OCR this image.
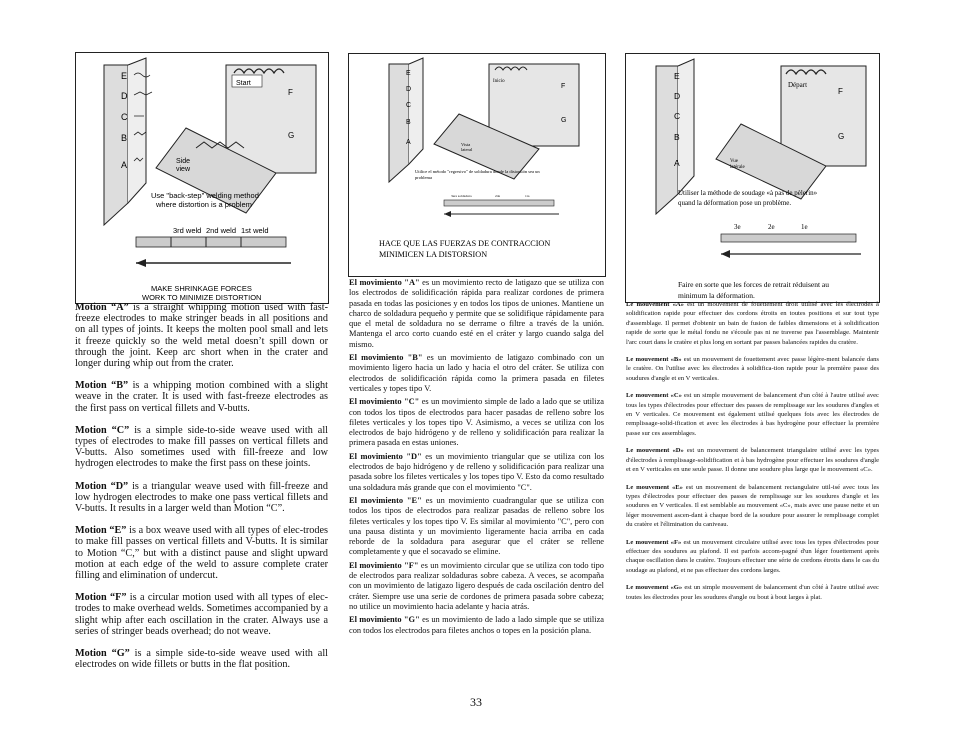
E
D
C
B
A
Start
F
G
Side
view
Use "back-step" welding method
where distortion is a problem
3rd weld 2nd weld 1st weld
MAKE SHRINKAGE FORCES
WORK TO MINIMIZE DISTORTION
E
D
C
B
A
Inicio
F
G
Vista
lateral
Utilice el método "regresivo" de soldadura donde la distorsión sea un
problema
3era soldadura	2da	1ra
HACE QUE LAS FUERZAS DE CONTRACCION
MINIMICEN LA DISTORSION
E
D
C
B
A
Départ
F
G
Vue
latérale
Utiliser la méthode de soudage «à pas de pèlerin»
quand la déformation pose un problème.
3e	2e	1e
Faire en sorte que les forces de retrait réduisent au
minimum la déformation.

Motion “A” is a straight whipping motion used with fast-freeze electrodes to make stringer beads in all positions and on all types of joints. It keeps the molten pool small and lets it freeze quickly so the weld metal doesn’t spill down or through the joint. Keep arc short when in the crater and longer during whip out from the crater.

Motion “B” is a whipping motion combined with a slight weave in the crater. It is used with fast-freeze electrodes as the first pass on vertical fillets and V-butts.

Motion “C” is a simple side-to-side weave used with all types of electrodes to make fill passes on vertical fillets and V-butts. Also sometimes used with fill-freeze and low hydrogen electrodes to make the first pass on these joints.

Motion “D” is a triangular weave used with fill-freeze and low hydrogen electrodes to make one pass vertical fillets and V-butts. It results in a larger weld than Motion “C”.

Motion “E” is a box weave used with all types of elec-trodes to make fill passes on vertical fillets and V-butts. It is similar to Motion “C,” but with a distinct pause and slight upward motion at each edge of the weld to assure complete crater filling and elimination of undercut.

Motion “F” is a circular motion used with all types of elec-trodes to make overhead welds. Sometimes accompanied by a slight whip after each oscillation in the crater. Always use a series of stringer beads overhead; do not weave.

Motion “G” is a simple side-to-side weave used with all electrodes on wide fillets or butts in the flat position.

El movimiento "A" es un movimiento recto de latigazo que se utiliza con los electrodos de solidificación rápida para realizar cordones de primera pasada en todas las posiciones y en todos los tipos de uniones. Mantiene un charco de soldadura pequeño y permite que se solidifique rápidamente para que el metal de soldadura no se derrame o filtre a través de la unión. Mantenga el arco corto cuando esté en el cráter y largo cuando salga del mismo.

El movimiento "B" es un movimiento de latigazo combinado con un movimiento ligero hacia un lado y hacia el otro del cráter. Se utiliza con electrodos de solidificación rápida como la primera pasada en filetes verticales y topes tipo V.

El movimiento "C" es un movimiento simple de lado a lado que se utiliza con todos los tipos de electrodos para hacer pasadas de relleno sobre los filetes verticales y los topes tipo V. Asimismo, a veces se utiliza con los electrodos de bajo hidrógeno y de relleno y solidificación para realizar la primera pasada en estas uniones.

El movimiento "D" es un movimiento triangular que se utiliza con los electrodos de bajo hidrógeno y de relleno y solidificación para realizar una pasada sobre los filetes verticales y los topes tipo V. Esto da como resultado una soldadura más grande que con el movimiento "C".

El movimiento "E" es un movimiento cuadrangular que se utiliza con todos los tipos de electrodos para realizar pasadas de relleno sobre los filetes verticales y los topes tipo V. Es similar al movimiento "C", pero con una pausa distinta y un movimiento ligeramente hacia arriba en cada reborde de la soldadura para asegurar que el cráter se rellene completamente y que el socavado se elimine.

El movimiento "F" es un movimiento circular que se utiliza con todo tipo de electrodos para realizar soldaduras sobre cabeza. A veces, se acompaña con un movimiento de latigazo ligero después de cada oscilación dentro del cráter. Siempre use una serie de cordones de primera pasada sobre cabeza; no utilice un movimiento hacia adelante y hacia atrás.

El movimiento "G" es un movimiento de lado a lado simple que se utiliza con todos los electrodos para filetes anchos o topes en la posición plana.

Le mouvement «A» est un mouvement de fouettement droit utilisé avec les électrodes à solidification rapide pour effectuer des cordons étroits en toutes positions et sur tout type d'assemblage. Il permet d'obtenir un bain de fusion de faibles dimensions et à solidification rapide de sorte que le métal fondu ne s'écoule pas ni ne traverse pas l'assemblage. Maintenir l'arc court dans le cratère et plus long en sortant par passes balancées rapides du cratère.

Le mouvement «B» est un mouvement de fouettement avec passe légère-ment balancée dans le cratère. On l'utilise avec les électrodes à solidifica-tion rapide pour la première passe des soudures d'angle et en V verticales.

Le mouvement «C» est un simple mouvement de balancement d'un côté à l'autre utilisé avec tous les types d'électrodes pour effectuer des passes de remplissage sur les soudures d'angles et en V verticales. Ce mouvement est également utilisé quelques fois avec les électrodes de remplissage-solid-ification et avec les électrodes à bas hydrogène pour effectuer la première passe sur ces assemblages.

Le mouvement «D» est un mouvement de balancement triangulaire utilisé avec les types d'électrodes à remplissage-solidification et à bas hydrogène pour effectuer les soudures d'angle et en V verticales en une seule passe. Il donne une soudure plus large que le mouvement «C».

Le mouvement «E» est un mouvement de balancement rectangulaire util-isé avec tous les types d'électrodes pour effectuer des passes de remplissage sur les soudures d'angle et les soudures en V verticales. Il est semblable au mouvement «C», mais avec une pause nette et un léger mouvement ascen-dant à chaque bord de la soudure pour assurer le remplissage complet du cratère et l'élimination du caniveau.

Le mouvement «F» est un mouvement circulaire utilisé avec tous les types d'électrodes pour effectuer des soudures au plafond. Il est parfois accom-pagné d'un léger fouettement après chaque oscillation dans le cratère. Toujours effectuer une série de cordons étroits dans le cas du soudage au plafond, et ne pas effectuer des cordons larges.

Le mouvement «G» est un simple mouvement de balancement d'un côté à l'autre utilisé avec toutes les électrodes pour les soudures d'angle ou bout à bout larges à plat.

33
